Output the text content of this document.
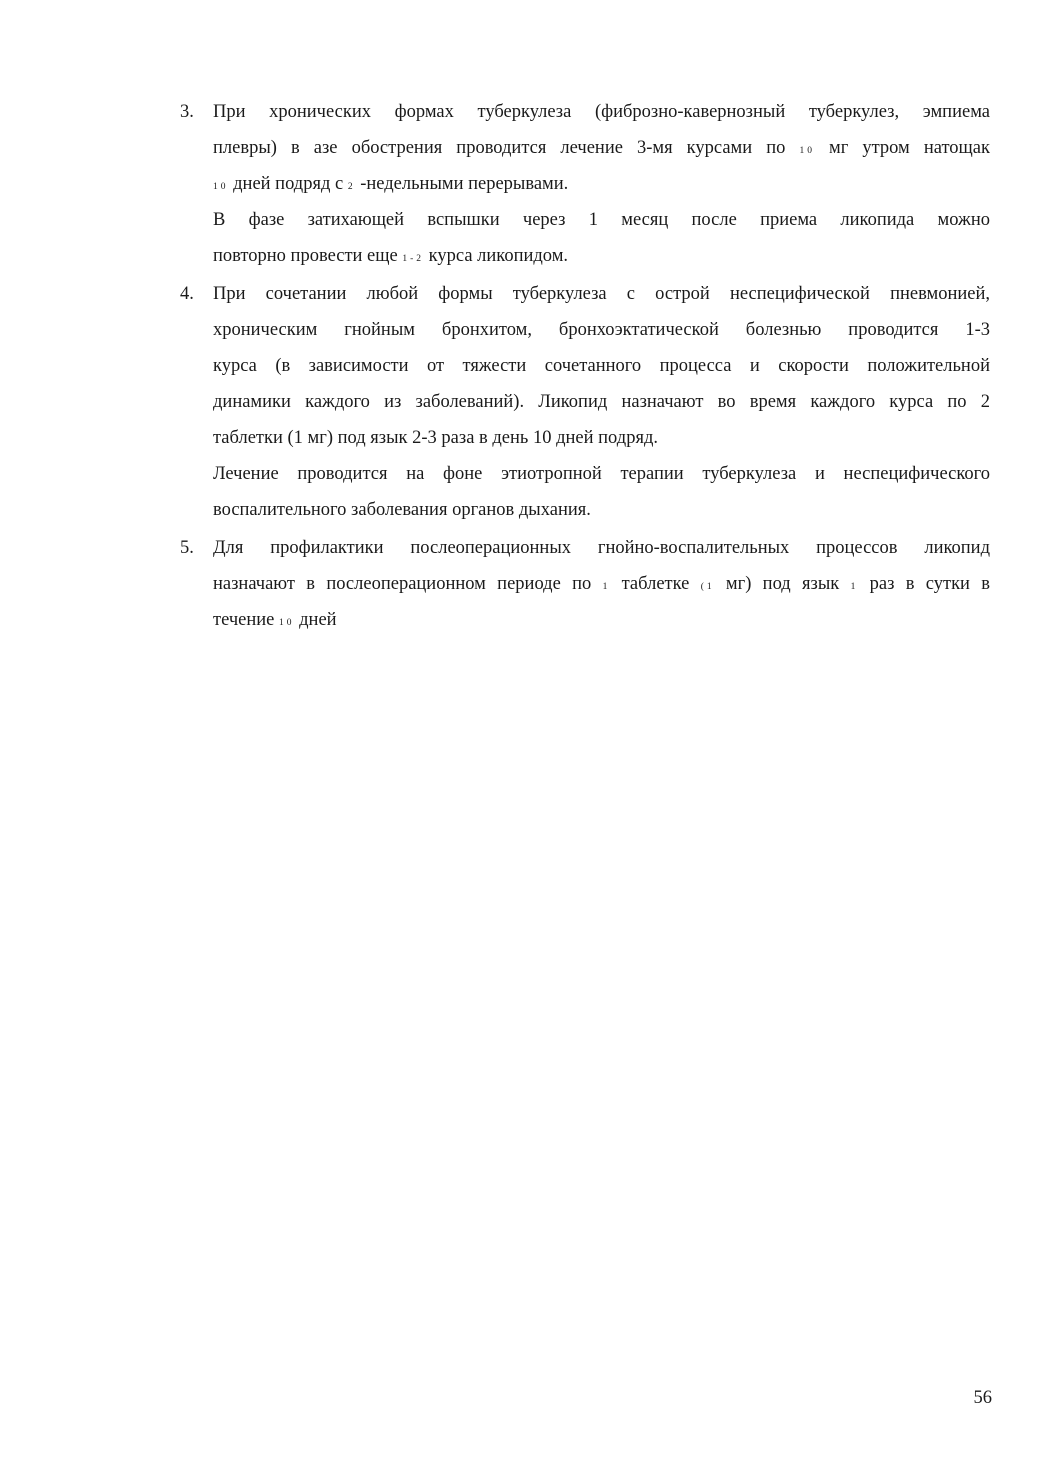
3. При хронических формах туберкулеза (фиброзно-кавернозный туберкулез, эмпиема
плевры) в азе обострения проводится лечение 3-мя курсами по 10 мг утром натощак
10 дней подряд с 2 -недельными перерывами.
В фазе затихающей вспышки через 1 месяц после приема ликопида можно
повторно провести еще 1-2 курса ликопидом.
4. При сочетании любой формы туберкулеза с острой неспецифической пневмонией,
хроническим гнойным бронхитом, бронхоэктатической болезнью проводится 1-3
курса (в зависимости от тяжести сочетанного процесса и скорости положительной
динамики каждого из заболеваний). Ликопид назначают во время каждого курса по 2
таблетки (1 мг) под язык 2-3 раза в день 10 дней подряд.
Лечение проводится на фоне этиотропной терапии туберкулеза и неспецифического
воспалительного заболевания органов дыхания.
5. Для профилактики послеоперационных гнойно-воспалительных процессов ликопид
назначают в послеоперационном периоде по 1 таблетке (1 мг) под язык 1 раз в сутки в
течение 10 дней
56
